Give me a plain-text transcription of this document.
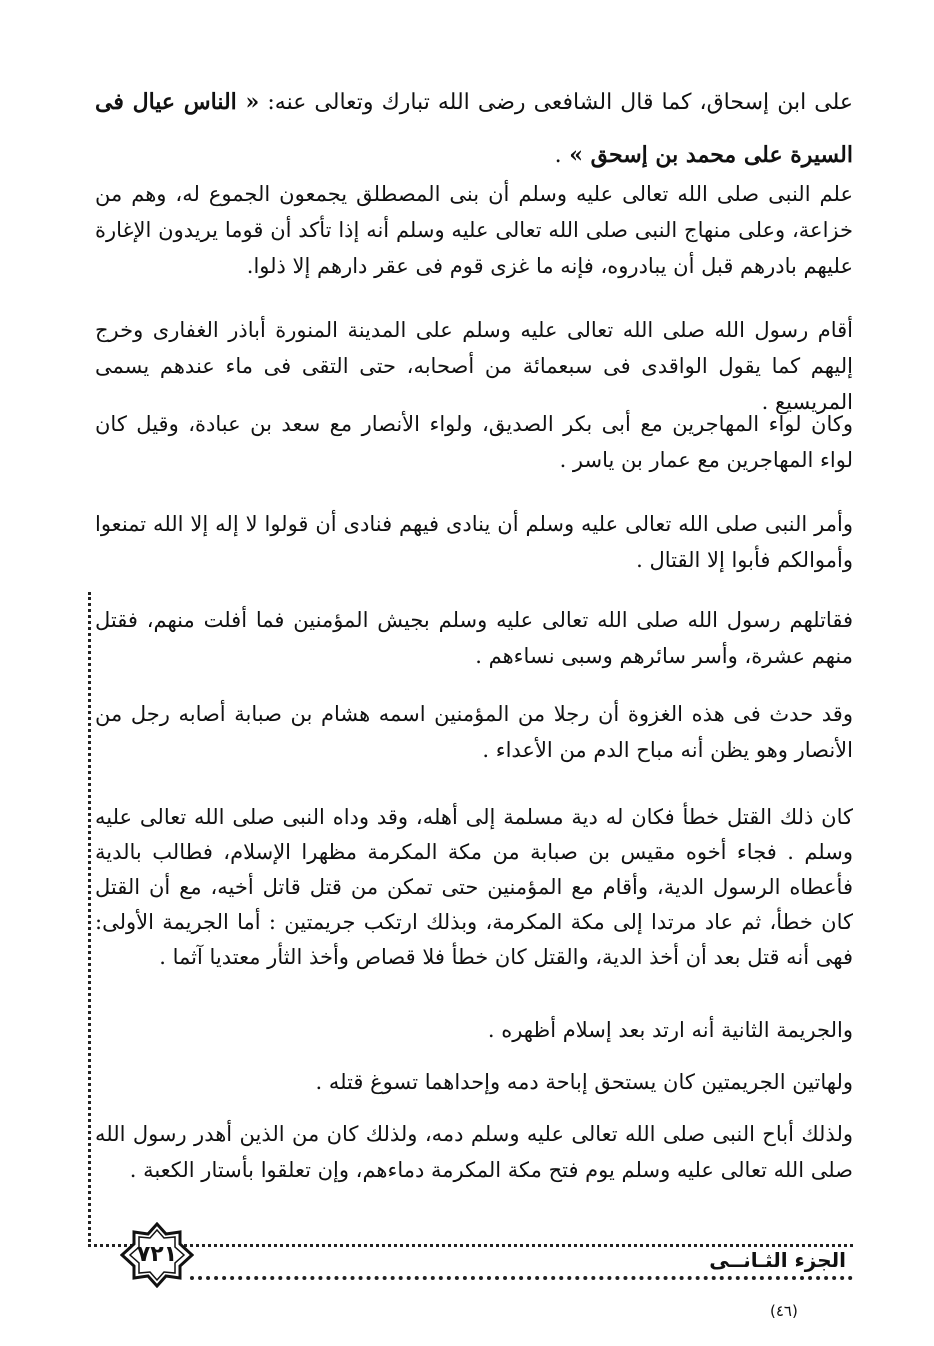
على ابن إسحاق، كما قال الشافعى رضى الله تبارك وتعالى عنه: « الناس عيال فى السيرة على محمد بن إسحق » .

علم النبى صلى الله تعالى عليه وسلم أن بنى المصطلق يجمعون الجموع له، وهم من خزاعة، وعلى منهاج النبى صلى الله تعالى عليه وسلم أنه إذا تأكد أن قوما يريدون الإغارة عليهم بادرهم قبل أن يبادروه، فإنه ما غزى قوم فى عقر دارهم إلا ذلوا.

أقام رسول الله صلى الله تعالى عليه وسلم على المدينة المنورة أباذر الغفارى وخرج إليهم كما يقول الواقدى فى سبعمائة من أصحابه، حتى التقى فى ماء عندهم يسمى المريسيع .

وكان لواء المهاجرين مع أبى بكر الصديق، ولواء الأنصار مع سعد بن عبادة، وقيل كان لواء المهاجرين مع عمار بن ياسر .

وأمر النبى صلى الله تعالى عليه وسلم أن ينادى فيهم فنادى أن قولوا لا إله إلا الله تمنعوا وأموالكم فأبوا إلا القتال .

فقاتلهم رسول الله صلى الله تعالى عليه وسلم بجيش المؤمنين فما أفلت منهم، فقتل منهم عشرة، وأسر سائرهم وسبى نساءهم .

وقد حدث فى هذه الغزوة أن رجلا من المؤمنين اسمه هشام بن صبابة أصابه رجل من الأنصار وهو يظن أنه مباح الدم من الأعداء .

كان ذلك القتل خطأ فكان له دية مسلمة إلى أهله، وقد وداه النبى صلى الله تعالى عليه وسلم . فجاء أخوه مقيس بن صبابة من مكة المكرمة مظهرا الإسلام، فطالب بالدية فأعطاه الرسول الدية، وأقام مع المؤمنين حتى تمكن من قتل قاتل أخيه، مع أن القتل كان خطأ، ثم عاد مرتدا إلى مكة المكرمة، وبذلك ارتكب جريمتين : أما الجريمة الأولى: فهى أنه قتل بعد أن أخذ الدية، والقتل كان خطأ فلا قصاص وأخذ الثأر معتديا آثما .

والجريمة الثانية أنه ارتد بعد إسلام أظهره .

ولهاتين الجريمتين كان يستحق إباحة دمه وإحداهما تسوغ قتله .

ولذلك أباح النبى صلى الله تعالى عليه وسلم دمه، ولذلك كان من الذين أهدر رسول الله صلى الله تعالى عليه وسلم يوم فتح مكة المكرمة دماءهم، وإن تعلقوا بأستار الكعبة .

٧٢١	الجزء الثـانــى
(٤٦)
